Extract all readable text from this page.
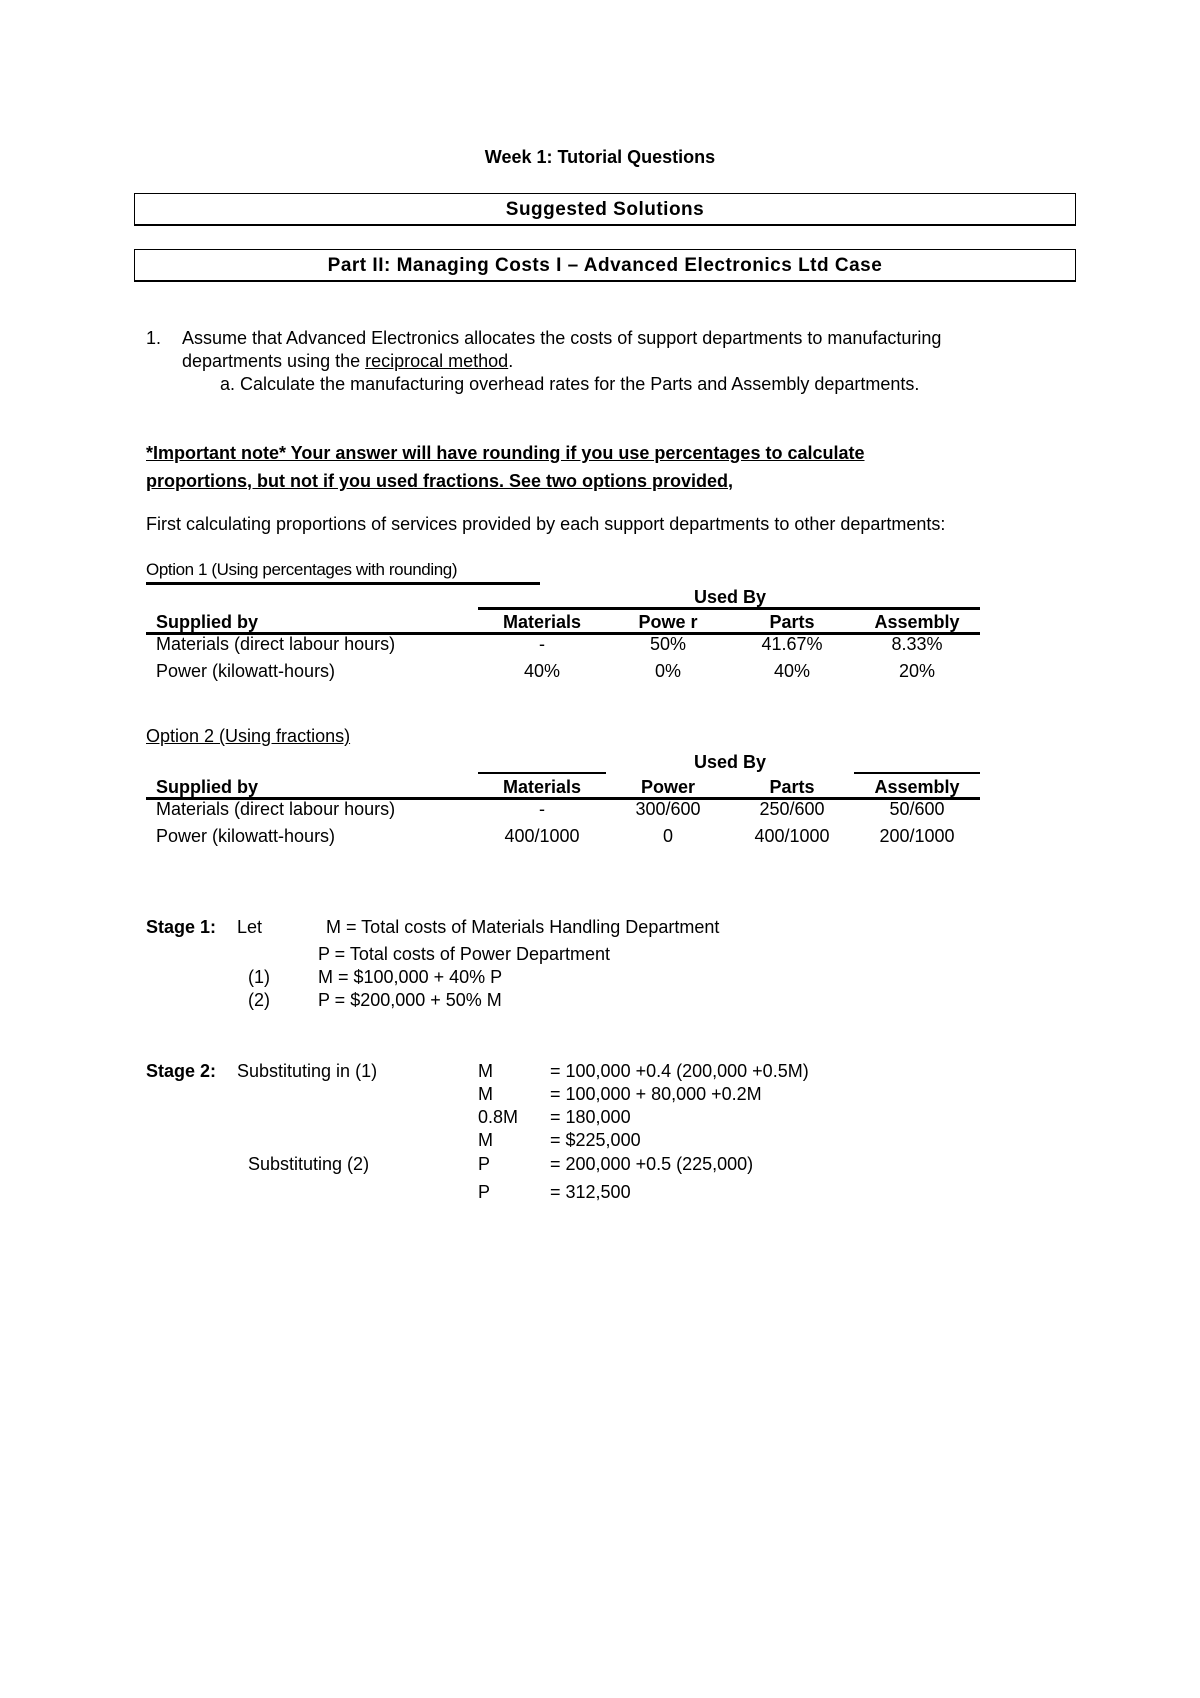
Week 1: Tutorial Questions
Suggested Solutions
Part II: Managing Costs I – Advanced Electronics Ltd Case
1. Assume that Advanced Electronics allocates the costs of support departments to manufacturing
departments using the reciprocal method.
a. Calculate the manufacturing overhead rates for the Parts and Assembly departments.
*Important note* Your answer will have rounding if you use percentages to calculate
proportions, but not if you used fractions. See two options provided,
First calculating proportions of services provided by each support departments to other departments:
Option 1 (Using percentages with rounding)
Used By
Supplied by	Materials	Powe r	Parts	Assembly
Materials (direct labour hours)	-	50%	41.67%	8.33%
Power (kilowatt-hours)	40%	0%	40%	20%
Option 2 (Using fractions)
Used By
Supplied by	Materials	Power	Parts	Assembly
Materials (direct labour hours)	-	300/600	250/600	50/600
Power (kilowatt-hours)	400/1000	0	400/1000	200/1000
Stage 1: Let	M = Total costs of Materials Handling Department
P = Total costs of Power Department
(1)	M = $100,000 + 40% P
(2)	P = $200,000 + 50% M
Stage 2: Substituting in (1)	M	= 100,000 +0.4 (200,000 +0.5M)
M	= 100,000 + 80,000 +0.2M
0.8M = 180,000
M	= $225,000
Substituting (2)	P	= 200,000 +0.5 (225,000)
P	= 312,500
